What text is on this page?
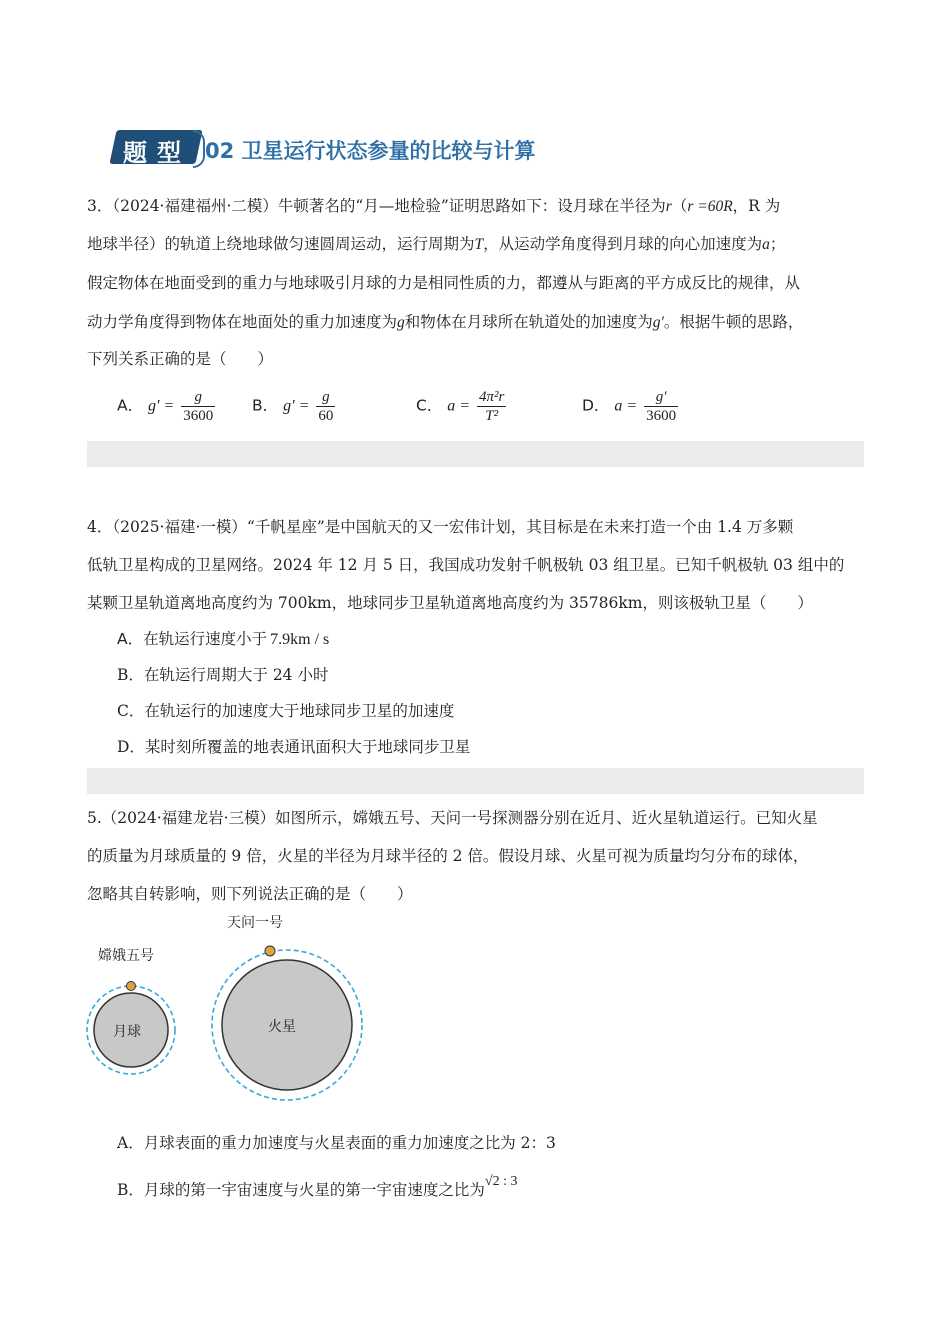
题型 02 卫星运行状态参量的比较与计算
3．（2024·福建福州·二模）牛顿著名的“月—地检验”证明思路如下：设月球在半径为r（r =60R，R 为
地球半径）的轨道上绕地球做匀速圆周运动，运行周期为T，从运动学角度得到月球的向心加速度为a；
假定物体在地面受到的重力与地球吸引月球的力是相同性质的力，都遵从与距离的平方成反比的规律，从
动力学角度得到物体在地面处的重力加速度为g和物体在月球所在轨道处的加速度为g′。根据牛顿的思路，
下列关系正确的是（　　）
A． $g' = \frac{g}{3600}$ B． $g' = \frac{g}{60}$	C． $a = \frac{\text{4π²r}}{\text{T²}}$	D． $a = \frac{g'}{3600}$
4．（2025·福建·一模）“千帆星座”是中国航天的又一宏伟计划，其目标是在未来打造一个由 1.4 万多颗
低轨卫星构成的卫星网络。2024 年 12 月 5 日，我国成功发射千帆极轨 03 组卫星。已知千帆极轨 03 组中的
某颗卫星轨道离地高度约为 700km，地球同步卫星轨道离地高度约为 35786km，则该极轨卫星（　　）
A．在轨运行速度小于 7.9km / s
B．在轨运行周期大于 24 小时
C．在轨运行的加速度大于地球同步卫星的加速度
D．某时刻所覆盖的地表通讯面积大于地球同步卫星
5.（2024·福建龙岩·三模）如图所示，嫦娥五号、天问一号探测器分别在近月、近火星轨道运行。已知火星
的质量为月球质量的 9 倍，火星的半径为月球半径的 2 倍。假设月球、火星可视为质量均匀分布的球体，
忽略其自转影响，则下列说法正确的是（　　）
嫦娥五号
月球
天问一号
火星
A．月球表面的重力加速度与火星表面的重力加速度之比为 2：3
B．月球的第一宇宙速度与火星的第一宇宙速度之比为√2 : 3
